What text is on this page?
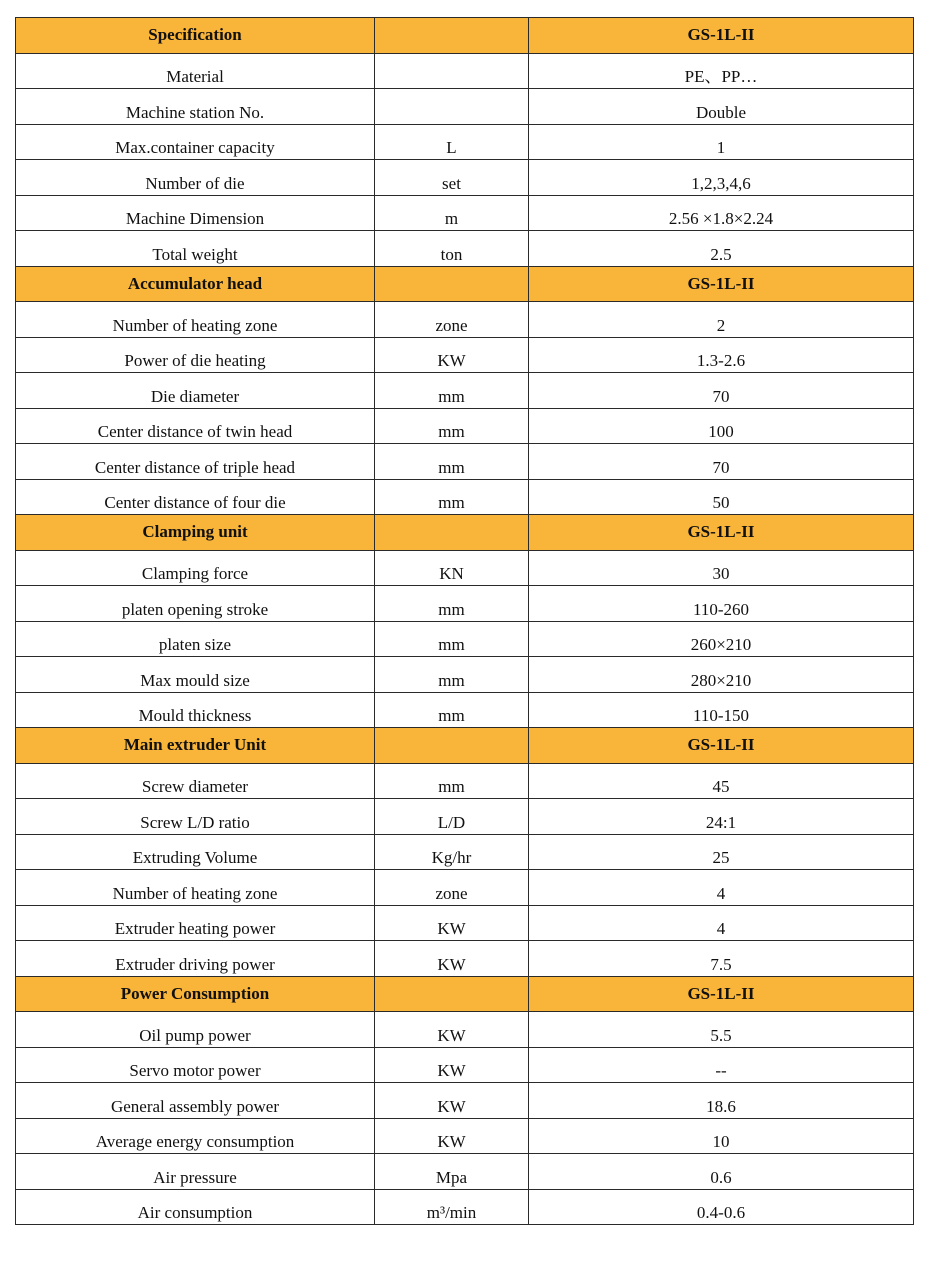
Specification		GS-1L-II
Material		PE、PP…
Machine station No.		Double
Max.container capacity	L	1
Number of die	set	1,2,3,4,6
Machine Dimension	m	2.56 ×1.8×2.24
Total weight	ton	2.5
Accumulator head		GS-1L-II
Number of heating zone	zone	2
Power of die heating	KW	1.3-2.6
Die diameter	mm	70
Center distance of twin head	mm	100
Center distance of triple head	mm	70
Center distance of four die	mm	50
Clamping unit		GS-1L-II
Clamping force	KN	30
platen opening stroke	mm	110-260
platen size	mm	260×210
Max mould size	mm	280×210
Mould thickness	mm	110-150
Main extruder Unit		GS-1L-II
Screw diameter	mm	45
Screw L/D ratio	L/D	24:1
Extruding Volume	Kg/hr	25
Number of heating zone	zone	4
Extruder heating power	KW	4
Extruder driving power	KW	7.5
Power Consumption		GS-1L-II
Oil pump power	KW	5.5
Servo motor power	KW	--
General assembly power	KW	18.6
Average energy consumption	KW	10
Air pressure	Mpa	0.6
Air consumption	m³/min	0.4-0.6
